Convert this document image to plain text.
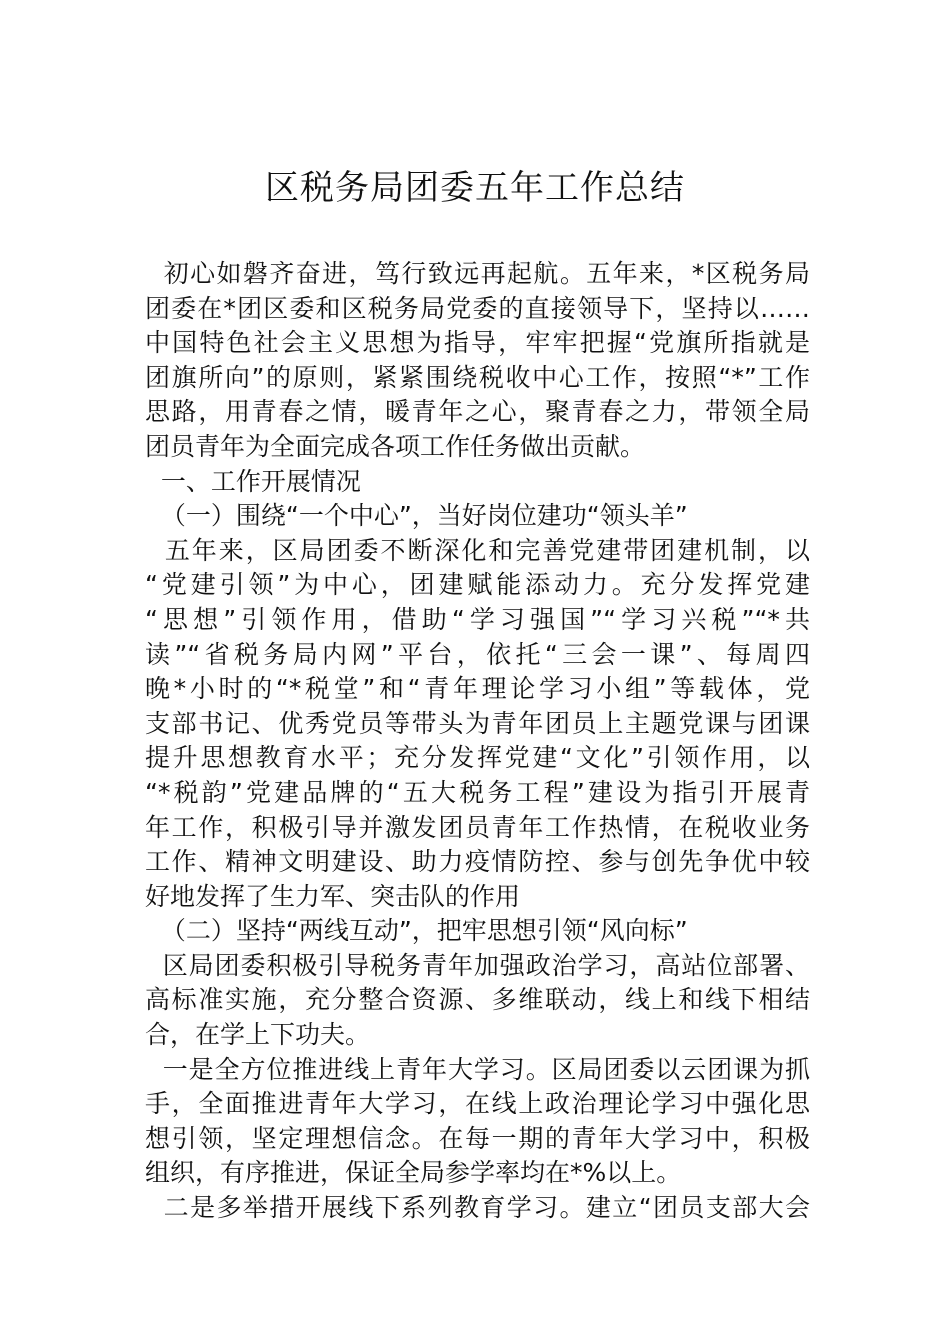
区税务局团委五年工作总结
初心如磐齐奋进，笃行致远再起航。五年来，*区税务局
团委在*团区委和区税务局党委的直接领导下，坚持以……
中国特色社会主义思想为指导，牢牢把握“党旗所指就是
团旗所向”的原则，紧紧围绕税收中心工作，按照“*”工作
思路，用青春之情，暖青年之心，聚青春之力，带领全局
团员青年为全面完成各项工作任务做出贡献。
一、工作开展情况
（一）围绕“一个中心”，当好岗位建功“领头羊”
五年来，区局团委不断深化和完善党建带团建机制，以
“党建引领”为中心，团建赋能添动力。充分发挥党建
“思想”引领作用，借助“学习强国”“学习兴税”“*共
读”“省税务局内网”平台，依托“三会一课”、每周四
晚*小时的“*税堂”和“青年理论学习小组”等载体，党
支部书记、优秀党员等带头为青年团员上主题党课与团课
提升思想教育水平；充分发挥党建“文化”引领作用，以
“*税韵”党建品牌的“五大税务工程”建设为指引开展青
年工作，积极引导并激发团员青年工作热情，在税收业务
工作、精神文明建设、助力疫情防控、参与创先争优中较
好地发挥了生力军、突击队的作用
（二）坚持“两线互动”，把牢思想引领“风向标”
区局团委积极引导税务青年加强政治学习，高站位部署、
高标准实施，充分整合资源、多维联动，线上和线下相结
合，在学上下功夫。
一是全方位推进线上青年大学习。区局团委以云团课为抓
手，全面推进青年大学习，在线上政治理论学习中强化思
想引领，坚定理想信念。在每一期的青年大学习中，积极
组织，有序推进，保证全局参学率均在*%以上。
二是多举措开展线下系列教育学习。建立“团员支部大会
